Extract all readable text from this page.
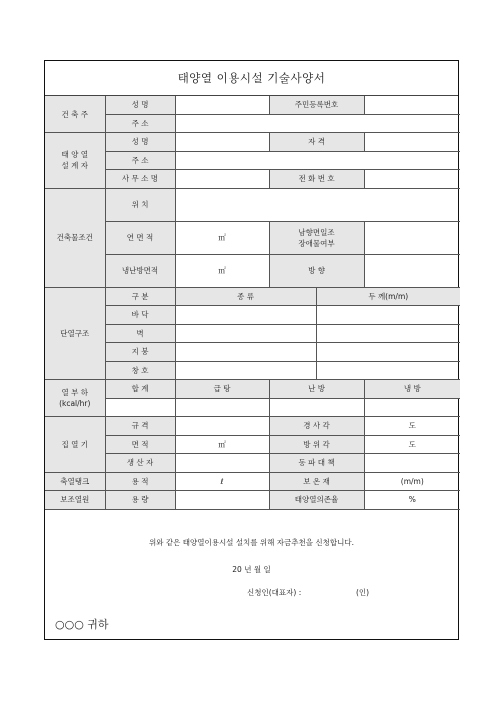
태양열 이용시설 기술사양서
건 축 주	성 명		주민등록번호		
	주 소				
태 양 열
설 계 자	성 명		자 격		
	주 소				
	사 무 소 명		전 화 번 호		
건축물조건	위 치				
	연 면 적	㎡	남향면일조
장애물여부		
	냉난방면적	㎡	방 향		
단열구조	구 분	종 류		두 께(m/m)	
	바 닥				
	벽				
	지 붕				
	창 호				
열 부 하
(kcal/hr)	합 계	급 탕	난 방		냉 방

집 열 기	규 격		경 사 각		도
	면 적	㎡	방 위 각		도
	생 산 자		동 파 대 책		
축열탱크	용 적	ℓ	보 온 재		(m/m)
보조열원	용 량		태양열의존율		%
위와 같은 태양열이용시설 설치를 위해 자금추천을 신청합니다.
20 년 월 일
신청인(대표자) :	(인)
○○○ 귀하
